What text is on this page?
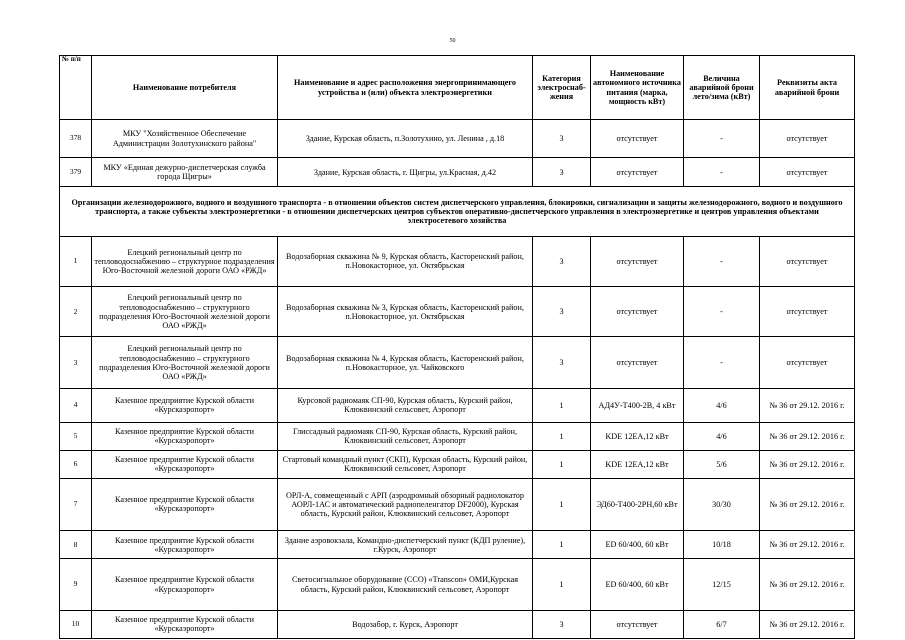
50
№ п/п	Наименование потребителя	Наименование и адрес расположения энергопринимающего устройства и (или) объекта электроэнергетики	Категория электроснаб- жения	Наименование автономного источника питания (марка, мощность кВт)	Величина аварийной брони лето/зима (кВт)	Реквизиты акта аварийной брони
378	МКУ "Хозяйственное Обеспечение Администрации Золотухинского района"	Здание, Курская область, п.Золотухино, ул. Ленина , д.18	3	отсутствует	-	отсутствует
379	МКУ «Единая дежурно-диспетчерская служба города Щигры»	Здание, Курская область, г. Щигры, ул.Красная, д.42	3	отсутствует	-	отсутствует
Организации железнодорожного, водного и воздушного транспорта - в отношении объектов систем диспетчерского управления, блокировки, сигнализации и защиты железнодорожного, водного и воздушного транспорта, а также субъекты электроэнергетики - в отношении диспетчерских центров субъектов оперативно-диспетчерского управления в электроэнергетике и центров управления объектами электросетевого хозяйства						
1	Елецкий региональный центр по тепловодоснабжению – структурное подразделения Юго-Восточной железной дороги ОАО «РЖД»	Водозаборная скважина № 9, Курская область, Касторенский район, п.Новокасторное, ул. Октябрьская	3	отсутствует	-	отсутствует
2	Елецкий региональный центр по тепловодоснабжению – структурного подразделения Юго-Восточной железной дороги ОАО «РЖД»	Водозаборная скважина № 3, Курская область, Касторенский район, п.Новокасторное, ул. Октябрьская	3	отсутствует	-	отсутствует
3	Елецкий региональный центр по тепловодоснабжению – структурного подразделения Юго-Восточной железной дороги ОАО «РЖД»	Водозаборная скважина № 4, Курская область, Касторенский район, п.Новокасторное, ул. Чайковского	3	отсутствует	-	отсутствует
4	Казенное предприятие Курской области «Курскаэропорт»	Курсовой радиомаяк СП-90, Курская область, Курский район, Клюквинский сельсовет, Аэропорт	1	АД4У-Т400-2В, 4 кВт	4/6	№ 36 от 29.12. 2016 г.
5	Казенное предприятие Курской области «Курскаэропорт»	Глиссадный радиомаяк СП-90, Курская область, Курский район, Клюквинский сельсовет, Аэропорт	1	KDE 12EA,12 кВт	4/6	№ 36 от 29.12. 2016 г.
6	Казенное предприятие Курской области «Курскаэропорт»	Стартовый командный пункт (СКП), Курская область, Курский район, Клюквинский сельсовет, Аэропорт	1	KDE 12EA,12 кВт	5/6	№ 36 от 29.12. 2016 г.
7	Казенное предприятие Курской области «Курскаэропорт»	ОРЛ-А, совмещенный с АРП (аэродромный обзорный радиолокатор АОРЛ-1АС и автоматический радиопеленгатор DF2000), Курская область, Курский район, Клюквинский сельсовет, Аэропорт	1	ЭД60-Т400-2РН,60 кВт	30/30	№ 36 от 29.12. 2016 г.
8	Казенное предприятие Курской области «Курскаэропорт»	Здание аэровокзала, Командно-диспетчерский пункт (КДП руление), г.Курск, Аэропорт	1	ED 60/400, 60 кВт	10/18	№ 36 от 29.12. 2016 г.
9	Казенное предприятие Курской области «Курскаэропорт»	Светосигнальное оборудование (ССО) «Transcon» ОМИ,Курская область, Курский район, Клюквинский сельсовет, Аэропорт	1	ED 60/400, 60 кВт	12/15	№ 36 от 29.12. 2016 г.
10	Казенное предприятие Курской области «Курскаэропорт»	Водозабор, г. Курск, Аэропорт	3	отсутствует	6/7	№ 36 от 29.12. 2016 г.
